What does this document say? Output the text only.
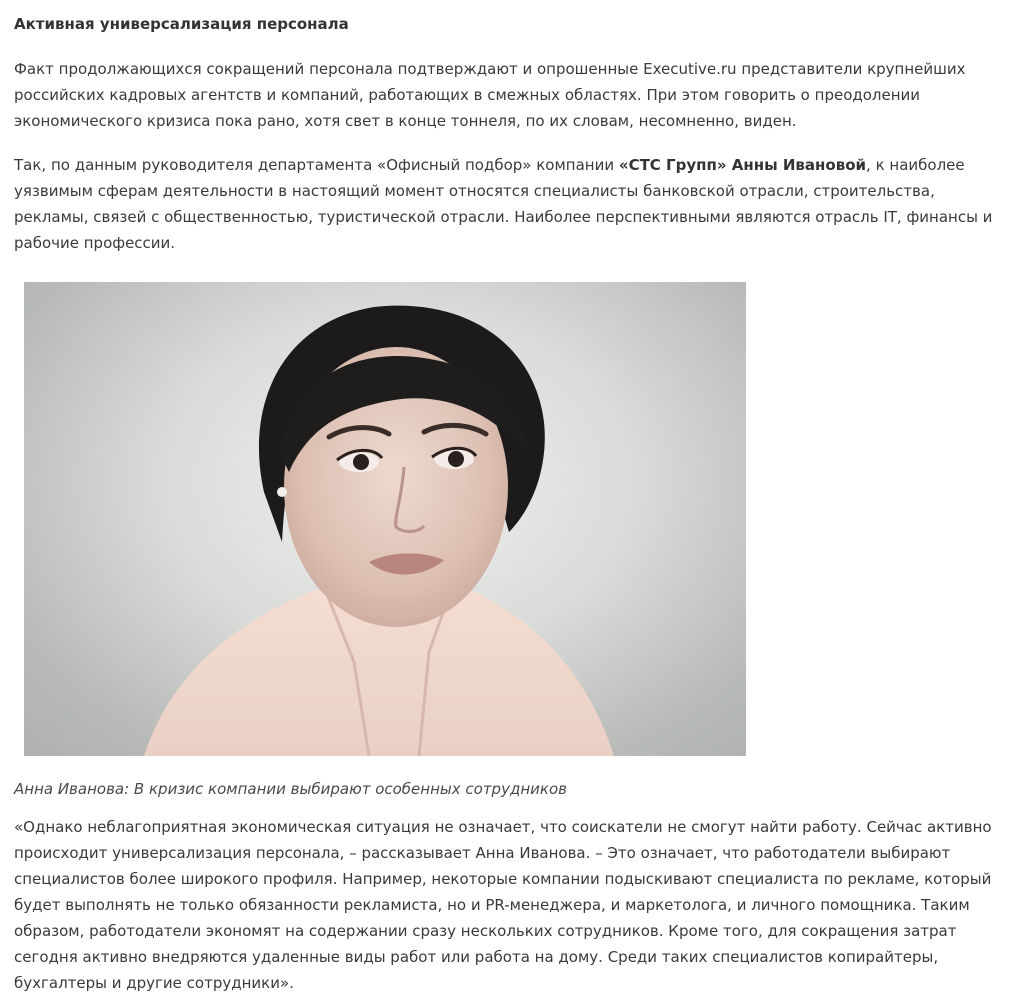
Активная универсализация персонала

Факт продолжающихся сокращений персонала подтверждают и опрошенные Executive.ru представители крупнейших российских кадровых агентств и компаний, работающих в смежных областях. При этом говорить о преодолении экономического кризиса пока рано, хотя свет в конце тоннеля, по их словам, несомненно, виден.

Так, по данным руководителя департамента «Офисный подбор» компании «СТС Групп» Анны Ивановой, к наиболее уязвимым сферам деятельности в настоящий момент относятся специалисты банковской отрасли, строительства, рекламы, связей с общественностью, туристической отрасли. Наиболее перспективными являются отрасль IT, финансы и рабочие профессии.

Анна Иванова: В кризис компании выбирают особенных сотрудников

«Однако неблагоприятная экономическая ситуация не означает, что соискатели не смогут найти работу. Сейчас активно происходит универсализация персонала, – рассказывает Анна Иванова. – Это означает, что работодатели выбирают специалистов более широкого профиля. Например, некоторые компании подыскивают специалиста по рекламе, который будет выполнять не только обязанности рекламиста, но и PR-менеджера, и маркетолога, и личного помощника. Таким образом, работодатели экономят на содержании сразу нескольких сотрудников. Кроме того, для сокращения затрат сегодня активно внедряются удаленные виды работ или работа на дому. Среди таких специалистов копирайтеры, бухгалтеры и другие сотрудники».
